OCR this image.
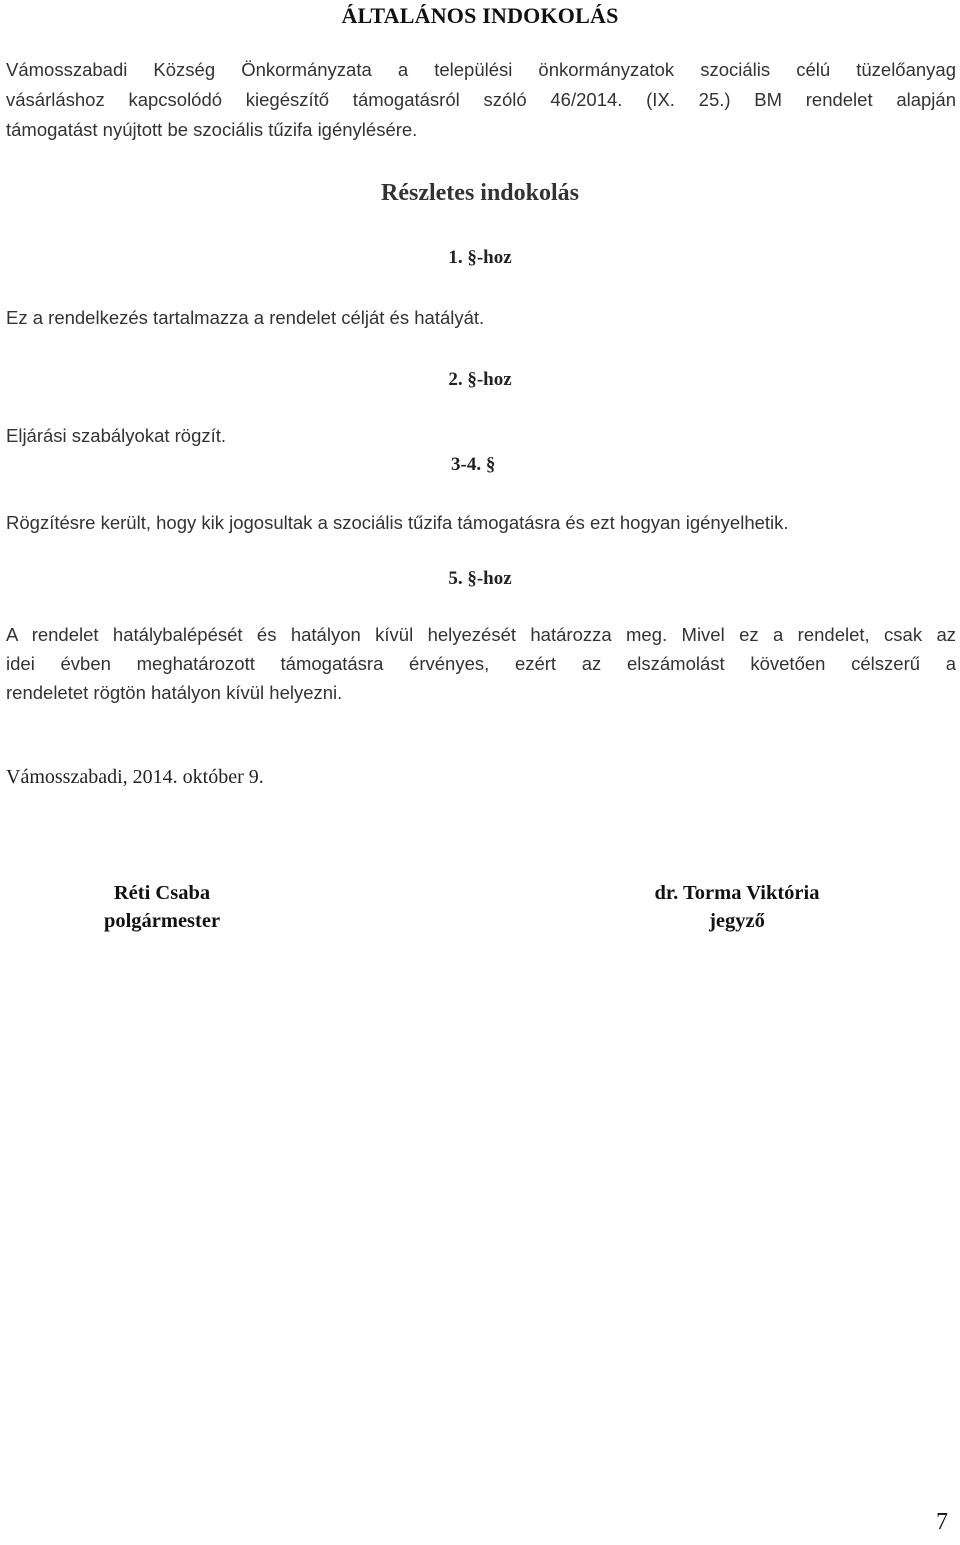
ÁLTALÁNOS INDOKOLÁS
Vámosszabadi Község Önkormányzata a települési önkormányzatok szociális célú tüzelőanyag
vásárláshoz kapcsolódó kiegészítő támogatásról szóló 46/2014. (IX. 25.) BM rendelet alapján
támogatást nyújtott be szociális tűzifa igénylésére.
Részletes indokolás
1. §-hoz
Ez a rendelkezés tartalmazza a rendelet célját és hatályát.
2. §-hoz
Eljárási szabályokat rögzít.
3-4. §
Rögzítésre került, hogy kik jogosultak a szociális tűzifa támogatásra és ezt hogyan igényelhetik.
5. §-hoz
A rendelet hatálybalépését és hatályon kívül helyezését határozza meg. Mivel ez a rendelet, csak az
idei évben meghatározott támogatásra érvényes, ezért az elszámolást követően célszerű a
rendeletet rögtön hatályon kívül helyezni.
Vámosszabadi, 2014. október 9.
Réti Csaba
polgármester
dr. Torma Viktória
jegyző
7
